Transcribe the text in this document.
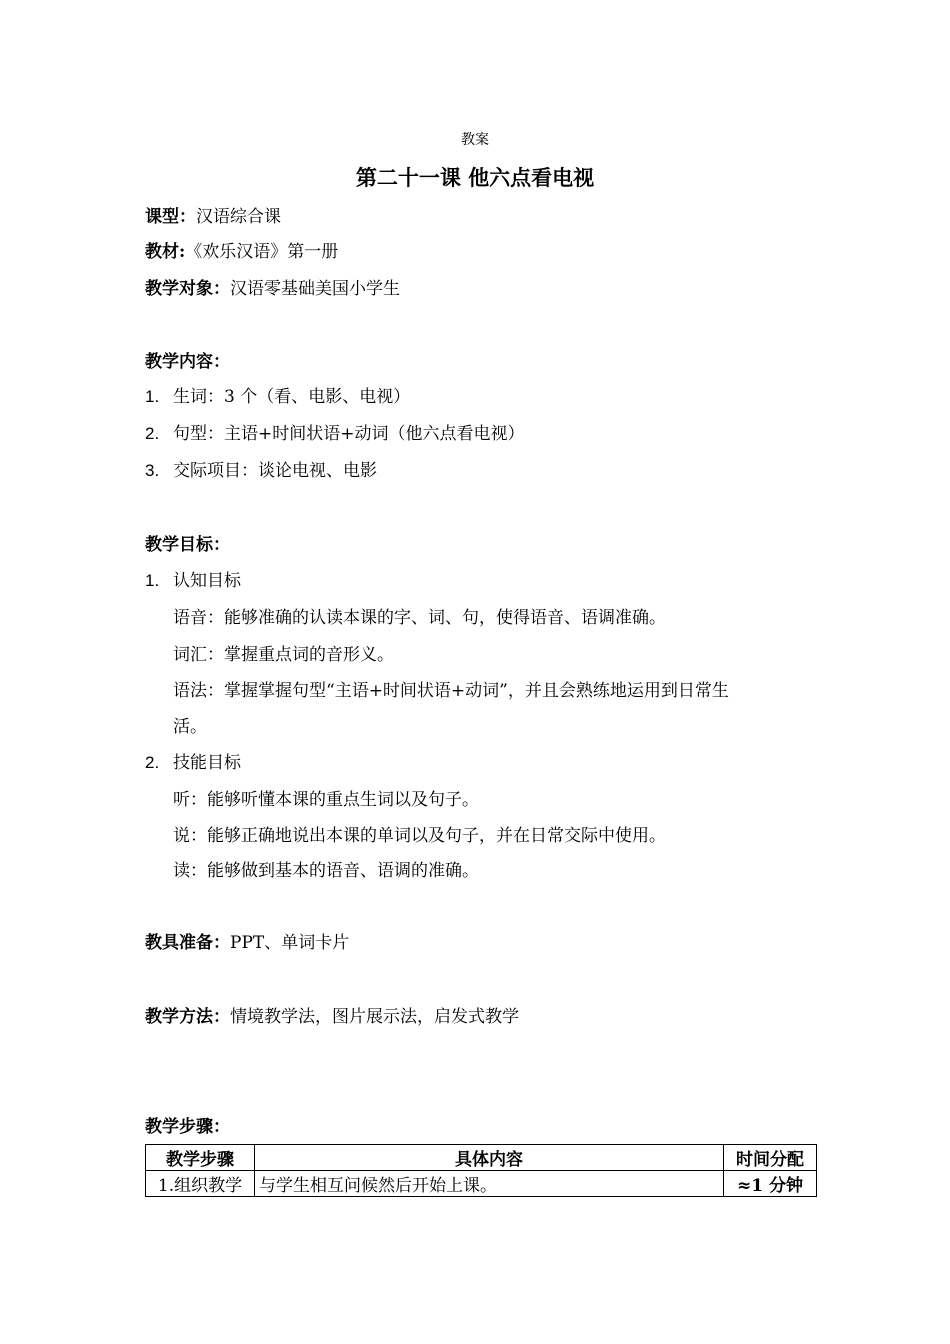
教案
第二十一课 他六点看电视
课型：汉语综合课
教材:《欢乐汉语》第一册
教学对象：汉语零基础美国小学生
教学内容：
1. 生词：3 个（看、电影、电视）
2. 句型：主语+时间状语+动词（他六点看电视）
3. 交际项目：谈论电视、电影
教学目标：
1. 认知目标
语音：能够准确的认读本课的字、词、句，使得语音、语调准确。
词汇：掌握重点词的音形义。
语法：掌握掌握句型“主语+时间状语+动词”，并且会熟练地运用到日常生
活。
2. 技能目标
听：能够听懂本课的重点生词以及句子。
说：能够正确地说出本课的单词以及句子，并在日常交际中使用。
读：能够做到基本的语音、语调的准确。
教具准备：PPT、单词卡片
教学方法：情境教学法，图片展示法，启发式教学
教学步骤：
教学步骤	具体内容	时间分配
1.组织教学	与学生相互问候然后开始上课。	≈1 分钟
